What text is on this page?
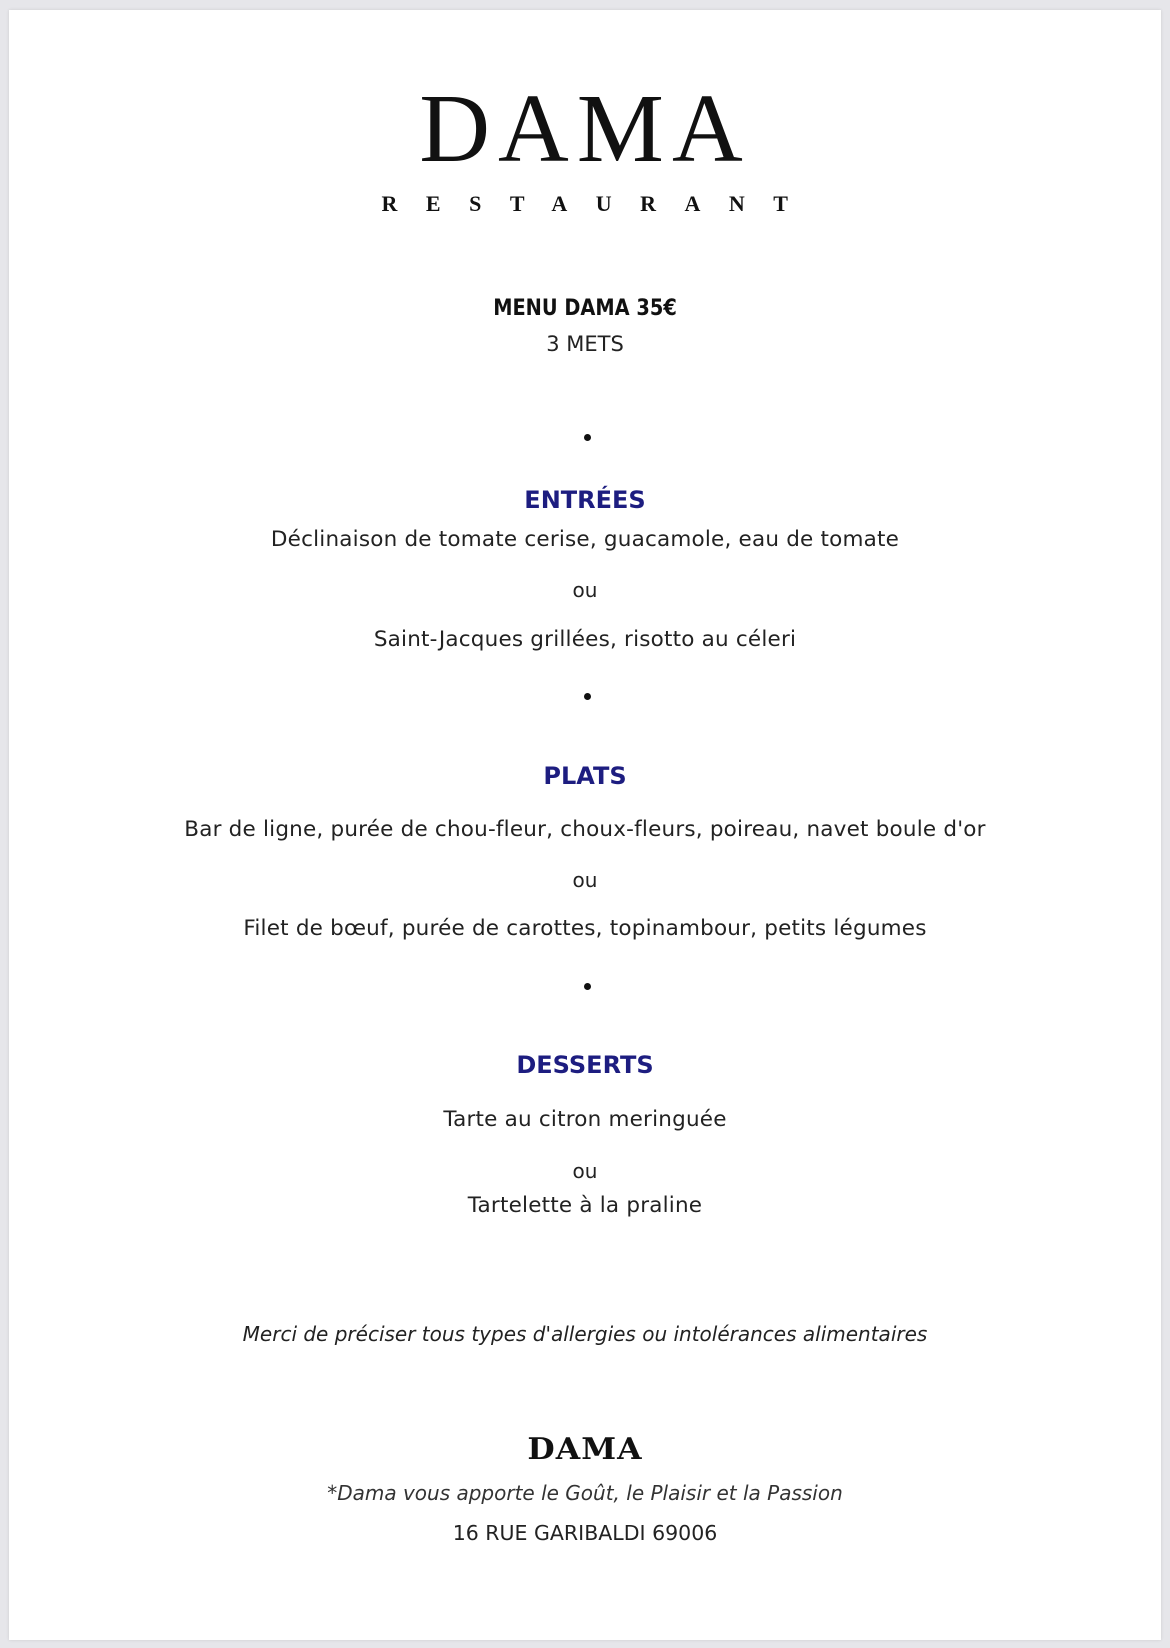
DAMA
RESTAURANT
MENU DAMA 35€
3 METS
ENTRÉES
Déclinaison de tomate cerise, guacamole, eau de tomate
ou
Saint-Jacques grillées, risotto au céleri
PLATS
Bar de ligne, purée de chou-fleur, choux-fleurs, poireau, navet boule d'or
ou
Filet de bœuf, purée de carottes, topinambour, petits légumes
DESSERTS
Tarte au citron meringuée
ou
Tartelette à la praline
Merci de préciser tous types d'allergies ou intolérances alimentaires
DAMA
*Dama vous apporte le Goût, le Plaisir et la Passion
16 RUE GARIBALDI 69006
